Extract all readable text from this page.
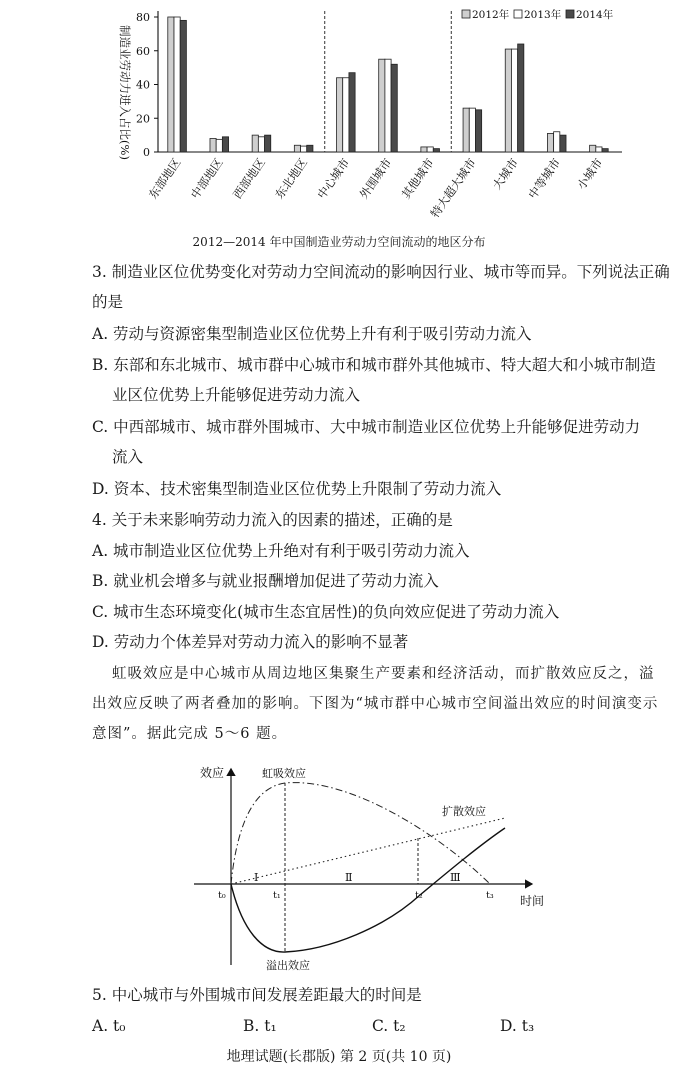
0
20
40
60
80
制造业劳动力进入占比(%)
东部地区 中部地区 西部地区 东北地区 中心城市 外围城市 其他城市
特大超大城市 大城市 中等城市 小城市
2012年 2013年 2014年
2012—2014 年中国制造业劳动力空间流动的地区分布
3. 制造业区位优势变化对劳动力空间流动的影响因行业、城市等而异。下列说法正确
的是
A. 劳动与资源密集型制造业区位优势上升有利于吸引劳动力流入
B. 东部和东北城市、城市群中心城市和城市群外其他城市、特大超大和小城市制造
业区位优势上升能够促进劳动力流入
C. 中西部城市、城市群外围城市、大中城市制造业区位优势上升能够促进劳动力
流入
D. 资本、技术密集型制造业区位优势上升限制了劳动力流入
4. 关于未来影响劳动力流入的因素的描述，正确的是
A. 城市制造业区位优势上升绝对有利于吸引劳动力流入
B. 就业机会增多与就业报酬增加促进了劳动力流入
C. 城市生态环境变化(城市生态宜居性)的负向效应促进了劳动力流入
D. 劳动力个体差异对劳动力流入的影响不显著
虹吸效应是中心城市从周边地区集聚生产要素和经济活动，而扩散效应反之，溢
出效应反映了两者叠加的影响。下图为“城市群中心城市空间溢出效应的时间演变示
意图”。据此完成 5～6 题。
效应
时间
虹吸效应
扩散效应
溢出效应
t₀	t₁	t₂	t₃
Ⅰ	Ⅱ	Ⅲ
5. 中心城市与外围城市间发展差距最大的时间是
A. t₀	B. t₁	C. t₂	D. t₃
地理试题(长郡版) 第 2 页(共 10 页)
